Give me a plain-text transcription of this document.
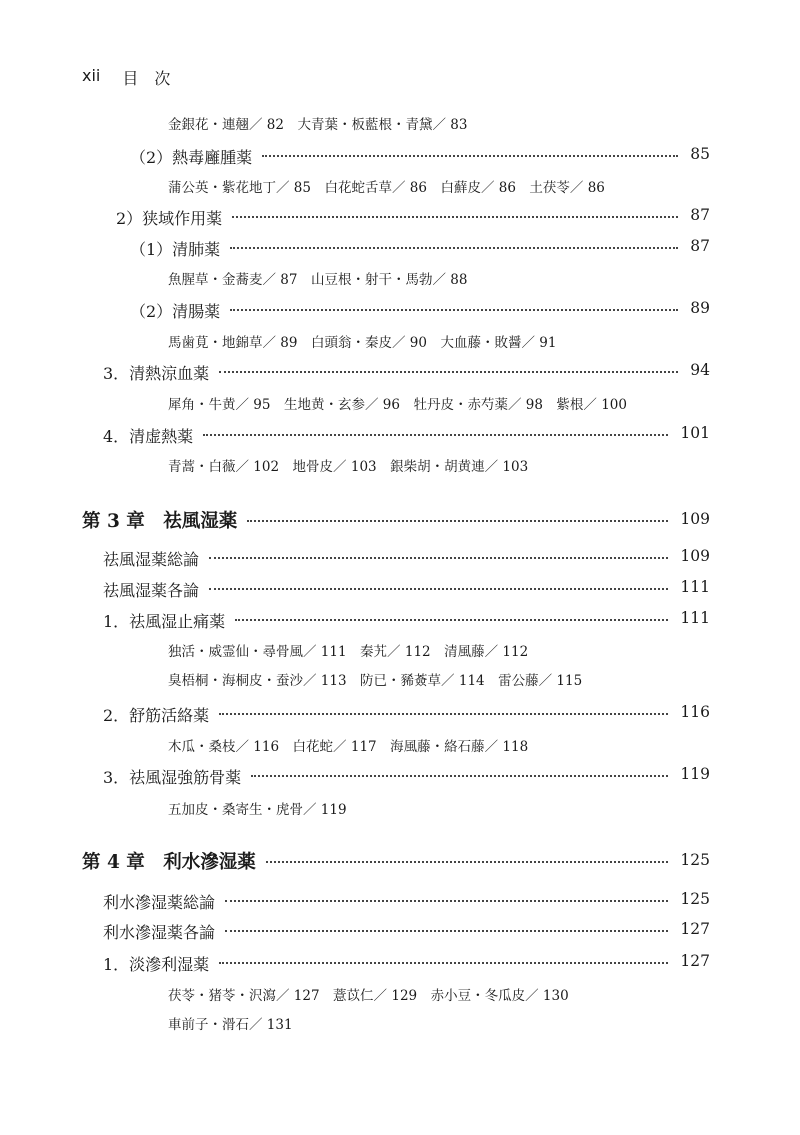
xii 目　次
金銀花・連翹／ 82　大青葉・板藍根・青黛／ 83
（2）熱毒廱腫薬	85
蒲公英・紫花地丁／ 85　白花蛇舌草／ 86　白蘚皮／ 86　土茯苓／ 86
2）狭域作用薬	87
（1）清肺薬	87
魚腥草・金蕎麦／ 87　山豆根・射干・馬勃／ 88
（2）清腸薬	89
馬歯莧・地錦草／ 89　白頭翁・秦皮／ 90　大血藤・敗醤／ 91
3．清熱涼血薬	94
犀角・牛黄／ 95　生地黄・玄参／ 96　牡丹皮・赤芍薬／ 98　紫根／ 100
4．清虚熱薬	101
青蒿・白薇／ 102　地骨皮／ 103　銀柴胡・胡黄連／ 103
第 3 章　祛風湿薬	109
祛風湿薬総論	109
祛風湿薬各論	111
1．祛風湿止痛薬	111
独活・威霊仙・尋骨風／ 111　秦艽／ 112　清風藤／ 112
臭梧桐・海桐皮・蚕沙／ 113　防已・豨薟草／ 114　雷公藤／ 115
2．舒筋活絡薬	116
木瓜・桑枝／ 116　白花蛇／ 117　海風藤・絡石藤／ 118
3．祛風湿強筋骨薬	119
五加皮・桑寄生・虎骨／ 119
第 4 章　利水滲湿薬	125
利水滲湿薬総論	125
利水滲湿薬各論	127
1．淡滲利湿薬	127
茯苓・猪苓・沢瀉／ 127　薏苡仁／ 129　赤小豆・冬瓜皮／ 130
車前子・滑石／ 131
